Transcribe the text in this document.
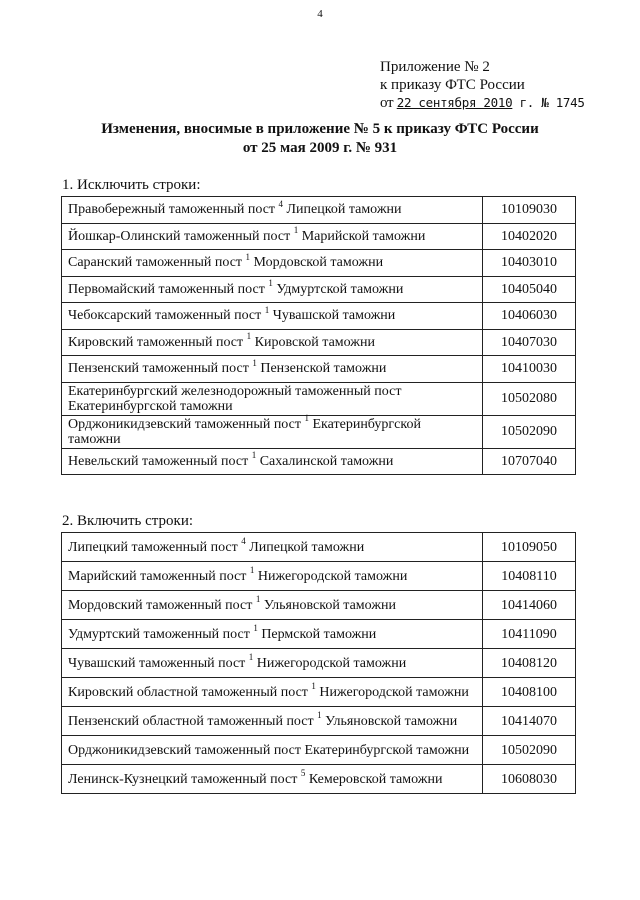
4
Приложение № 2
к приказу ФТС России
от 22 сентября 2010 г. № 1745
Изменения, вносимые в приложение № 5 к приказу ФТС России
от 25 мая 2009 г. № 931
1. Исключить строки:
Правобережный таможенный пост $^4$ Липецкой таможни	10109030
Йошкар-Олинский таможенный пост $^1$ Марийской таможни	10402020
Саранский таможенный пост $^1$ Мордовской таможни	10403010
Первомайский таможенный пост $^1$ Удмуртской таможни	10405040
Чебоксарский таможенный пост $^1$ Чувашской таможни	10406030
Кировский таможенный пост $^1$ Кировской таможни	10407030
Пензенский таможенный пост $^1$ Пензенской таможни	10410030
Екатеринбургский железнодорожный таможенный пост Екатеринбургской таможни	10502080
Орджоникидзевский таможенный пост $^1$ Екатеринбургской таможни	10502090
Невельский таможенный пост $^1$ Сахалинской таможни	10707040
2. Включить строки:
Липецкий таможенный пост $^4$ Липецкой таможни	10109050
Марийский таможенный пост $^1$ Нижегородской таможни	10408110
Мордовский таможенный пост $^1$ Ульяновской таможни	10414060
Удмуртский таможенный пост $^1$ Пермской таможни	10411090
Чувашский таможенный пост $^1$ Нижегородской таможни	10408120
Кировский областной таможенный пост $^1$ Нижегородской таможни	10408100
Пензенский областной таможенный пост $^1$ Ульяновской таможни	10414070
Орджоникидзевский таможенный пост Екатеринбургской таможни	10502090
Ленинск-Кузнецкий таможенный пост $^5$ Кемеровской таможни	10608030
